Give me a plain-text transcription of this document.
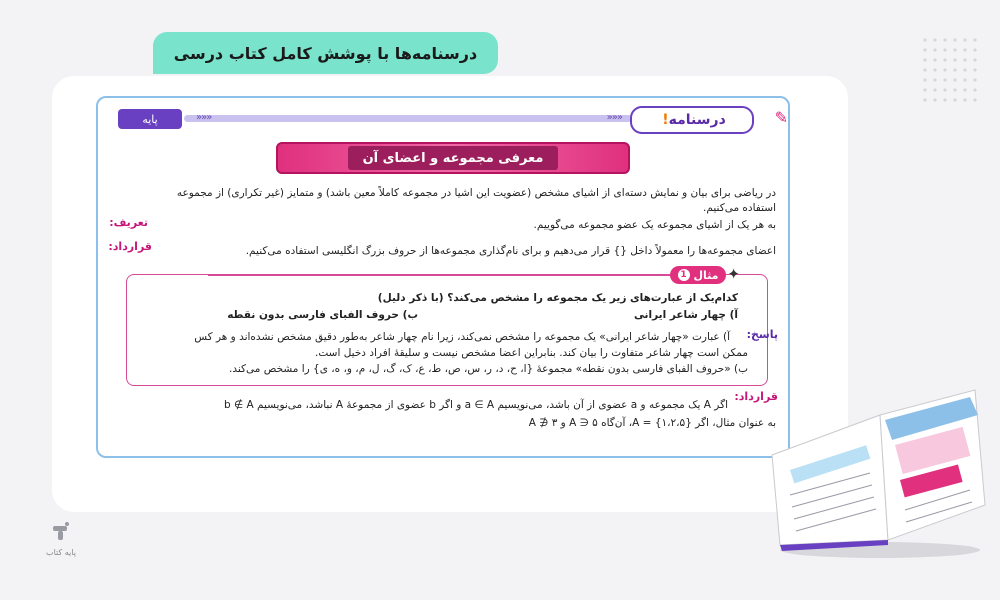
درسنامه‌ها با پوشش کامل کتاب درسی
«««	«««	درسنامه
!	✎
پایه
معرفی مجموعه و اعضای آن
در ریاضی برای بیان و نمایش دسته‌ای از اشیای مشخص (عضویت این اشیا در مجموعه کاملاً معین باشد) و متمایز (غیر تکراری) از مجموعه
استفاده می‌کنیم.
تعریف:	به هر یک از اشیای مجموعه یک عضو مجموعه می‌گوییم.
قرارداد:	اعضای مجموعه‌ها را معمولاً داخل {} قرار می‌دهیم و برای نام‌گذاری مجموعه‌ها از حروف بزرگ انگلیسی استفاده می‌کنیم.
✦
مثال
1
کدام‌یک از عبارت‌های زیر یک مجموعه را مشخص می‌کند؟ (با ذکر دلیل)
آ) چهار شاعر ایرانی
ب) حروف الفبای فارسی بدون نقطه
پاسخ:
آ) عبارت «چهار شاعر ایرانی» یک مجموعه را مشخص نمی‌کند، زیرا نام چهار شاعر به‌طور دقیق مشخص نشده‌اند و هر کس
ممکن است چهار شاعر متفاوت را بیان کند. بنابراین اعضا مشخص نیست و سلیقهٔ افراد دخیل است.
ب) «حروف الفبای فارسی بدون نقطه» مجموعهٔ {ا، ح، د، ر، س، ص، ط، ع، ک، گ، ل، م، و، ه، ی} را مشخص می‌کند.
قرارداد:
اگر A یک مجموعه و a عضوی از آن باشد، می‌نویسیم a ∈ A و اگر b عضوی از مجموعهٔ A نباشد، می‌نویسیم b ∉ A
به عنوان مثال، اگر {۱،۲،۵} = A، آن‌گاه ۵ ∈ A و ۳ ∉ A
پایه کتاب
